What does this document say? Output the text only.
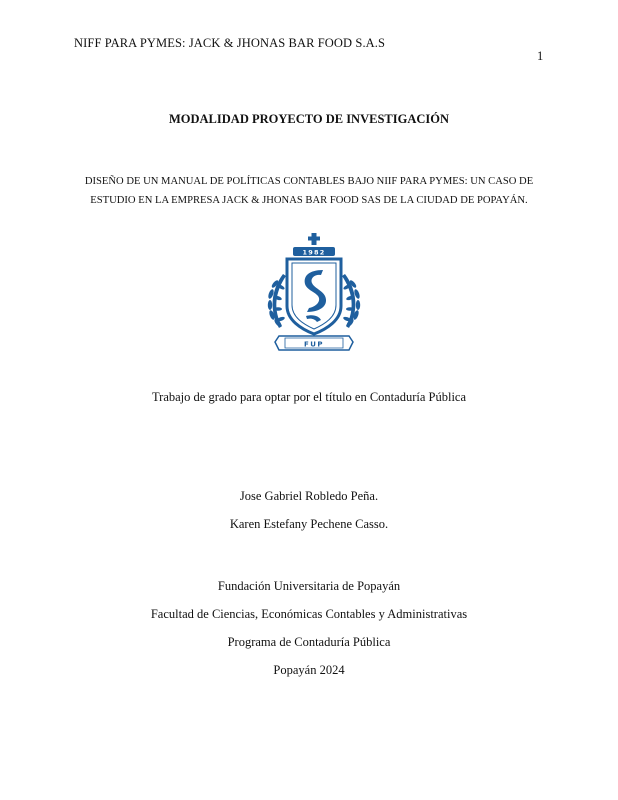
NIFF PARA PYMES: JACK & JHONAS BAR FOOD S.A.S
1
MODALIDAD PROYECTO DE INVESTIGACIÓN
DISEÑO DE UN MANUAL DE POLÍTICAS CONTABLES BAJO NIIF PARA PYMES: UN CASO DE
ESTUDIO EN LA EMPRESA JACK & JHONAS BAR FOOD SAS DE LA CIUDAD DE POPAYÁN.
1982
FUP
Trabajo de grado para optar por el título en Contaduría Pública
Jose Gabriel Robledo Peña.
Karen Estefany Pechene Casso.
Fundación Universitaria de Popayán
Facultad de Ciencias, Económicas Contables y Administrativas
Programa de Contaduría Pública
Popayán 2024
